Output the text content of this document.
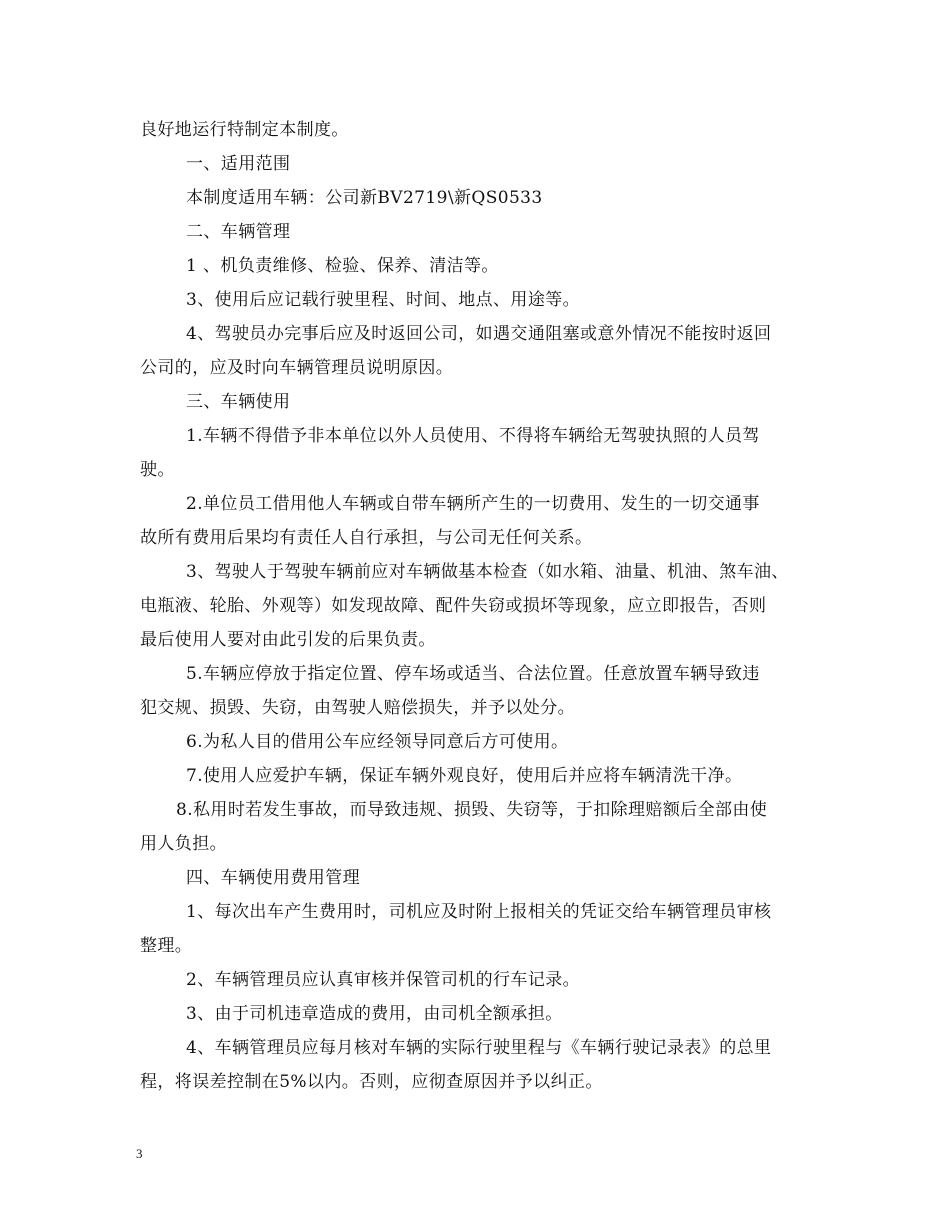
良好地运行特制定本制度。
一、适用范围
本制度适用车辆：公司新BV2719\新QS0533
二、车辆管理
1 、机负责维修、检验、保养、清洁等。
3、使用后应记载行驶里程、时间、地点、用途等。
4、驾驶员办完事后应及时返回公司，如遇交通阻塞或意外情况不能按时返回
公司的，应及时向车辆管理员说明原因。
三、车辆使用
1.车辆不得借予非本单位以外人员使用、不得将车辆给无驾驶执照的人员驾
驶。
2.单位员工借用他人车辆或自带车辆所产生的一切费用、发生的一切交通事
故所有费用后果均有责任人自行承担，与公司无任何关系。
3、驾驶人于驾驶车辆前应对车辆做基本检查（如水箱、油量、机油、煞车油、
电瓶液、轮胎、外观等）如发现故障、配件失窃或损坏等现象，应立即报告，否则
最后使用人要对由此引发的后果负责。
5.车辆应停放于指定位置、停车场或适当、合法位置。任意放置车辆导致违
犯交规、损毁、失窃，由驾驶人赔偿损失，并予以处分。
6.为私人目的借用公车应经领导同意后方可使用。
7.使用人应爱护车辆，保证车辆外观良好，使用后并应将车辆清洗干净。
8.私用时若发生事故，而导致违规、损毁、失窃等，于扣除理赔额后全部由使
用人负担。
四、车辆使用费用管理
1、每次出车产生费用时，司机应及时附上报相关的凭证交给车辆管理员审核
整理。
2、车辆管理员应认真审核并保管司机的行车记录。
3、由于司机违章造成的费用，由司机全额承担。
4、车辆管理员应每月核对车辆的实际行驶里程与《车辆行驶记录表》的总里
程，将误差控制在5%以内。否则，应彻查原因并予以纠正。
3
